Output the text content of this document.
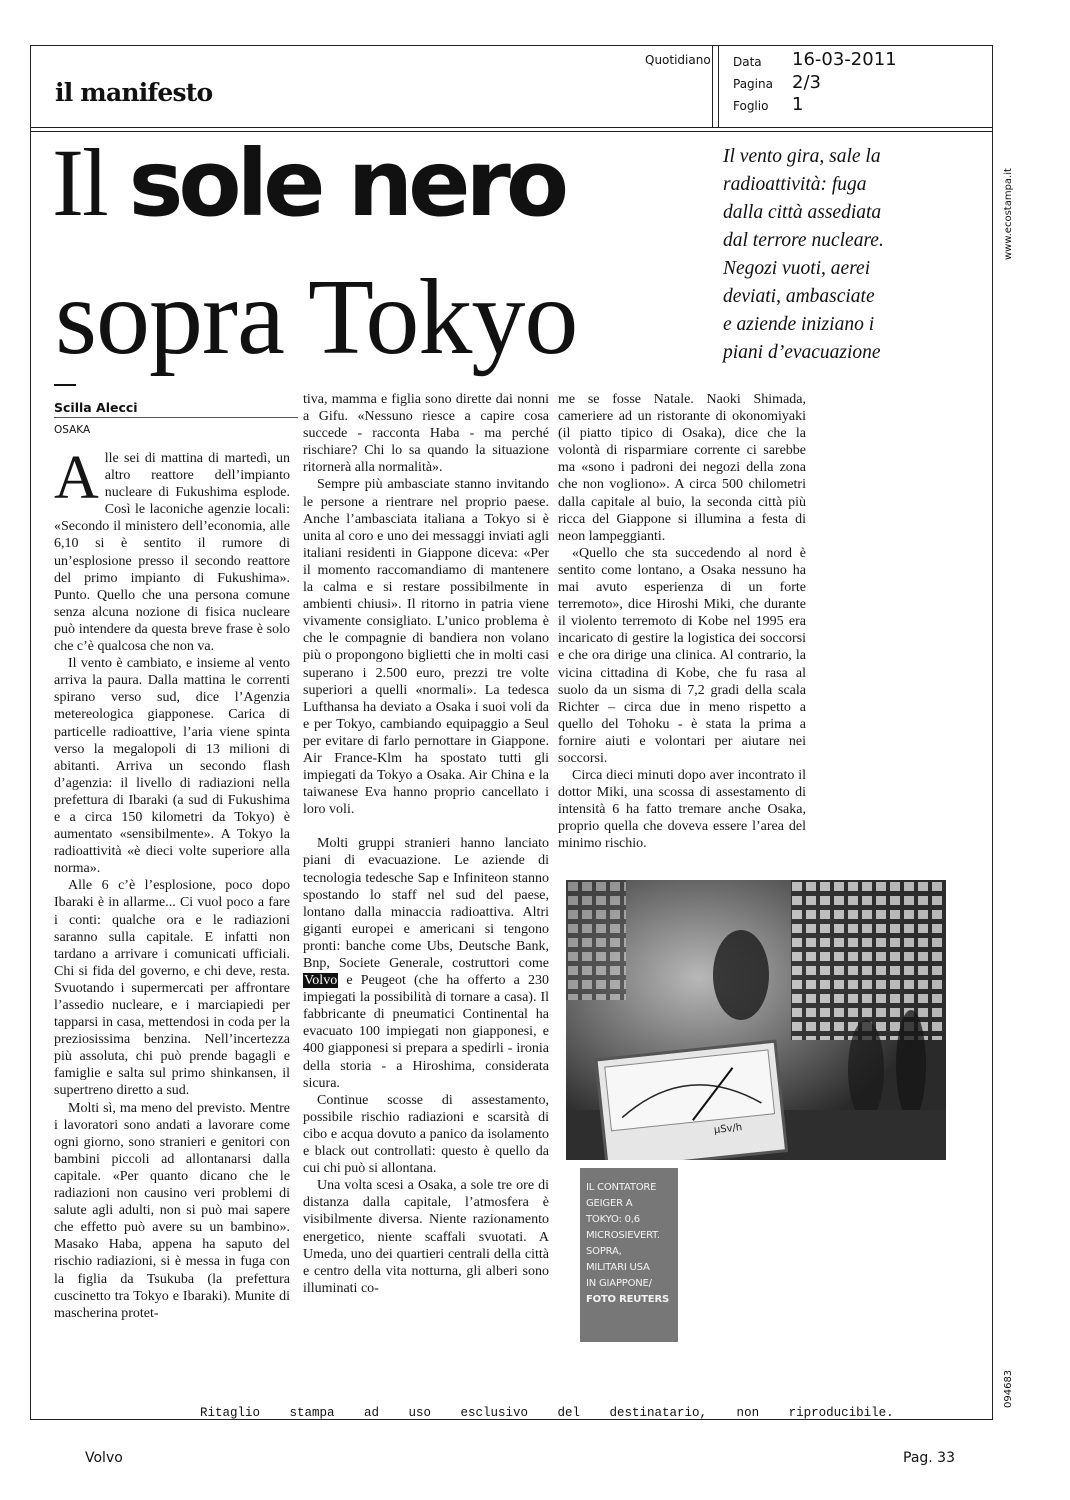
il manifesto
Quotidiano Data 16-03-2011
Pagina 2/3
Foglio 1
www.ecostampa.it
094683
Il sole nero
sopra Tokyo

Il vento gira, sale la

radioattività: fuga

dalla città assediata

dal terrore nucleare.

Negozi vuoti, aerei

deviati, ambasciate

e aziende iniziano i

piani d’evacuazione

Scilla Alecci
OSAKA

Alle sei di mattina di martedì, un altro reattore dell’impianto nucleare di Fukushima esplode. Così le laconiche agenzie locali: «Secondo il ministero dell’economia, alle 6,10 si è sentito il rumore di un’esplosione presso il secondo reattore del primo impianto di Fukushima». Punto. Quello che una persona comune senza alcuna nozione di fisica nucleare può intendere da questa breve frase è solo che c’è qualcosa che non va.

Il vento è cambiato, e insieme al vento arriva la paura. Dalla mattina le correnti spirano verso sud, dice l’Agenzia metereologica giapponese. Carica di particelle radioattive, l’aria viene spinta verso la megalopoli di 13 milioni di abitanti. Arriva un secondo flash d’agenzia: il livello di radiazioni nella prefettura di Ibaraki (a sud di Fukushima e a circa 150 kilometri da Tokyo) è aumentato «sensibilmente». A Tokyo la radioattività «è dieci volte superiore alla norma».

Alle 6 c’è l’esplosione, poco dopo Ibaraki è in allarme... Ci vuol poco a fare i conti: qualche ora e le radiazioni saranno sulla capitale. E infatti non tardano a arrivare i comunicati ufficiali. Chi si fida del governo, e chi deve, resta. Svuotando i supermercati per affrontare l’assedio nucleare, e i marciapiedi per tapparsi in casa, mettendosi in coda per la preziosissima benzina. Nell’incertezza più assoluta, chi può prende bagagli e famiglie e salta sul primo shinkansen, il supertreno diretto a sud.

Molti sì, ma meno del previsto. Mentre i lavoratori sono andati a lavorare come ogni giorno, sono stranieri e genitori con bambini piccoli ad allontanarsi dalla capitale. «Per quanto dicano che le radiazioni non causino veri problemi di salute agli adulti, non si può mai sapere che effetto può avere su un bambino». Masako Haba, appena ha saputo del rischio radiazioni, si è messa in fuga con la figlia da Tsukuba (la prefettura cuscinetto tra Tokyo e Ibaraki). Munite di mascherina protet-

tiva, mamma e figlia sono dirette dai nonni a Gifu. «Nessuno riesce a capire cosa succede - racconta Haba - ma perché rischiare? Chi lo sa quando la situazione ritornerà alla normalità».

Sempre più ambasciate stanno invitando le persone a rientrare nel proprio paese. Anche l’ambasciata italiana a Tokyo si è unita al coro e uno dei messaggi inviati agli italiani residenti in Giappone diceva: «Per il momento raccomandiamo di mantenere la calma e si restare possibilmente in ambienti chiusi». Il ritorno in patria viene vivamente consigliato. L’unico problema è che le compagnie di bandiera non volano più o propongono biglietti che in molti casi superano i 2.500 euro, prezzi tre volte superiori a quelli «normali». La tedesca Lufthansa ha deviato a Osaka i suoi voli da e per Tokyo, cambiando equipaggio a Seul per evitare di farlo pernottare in Giappone. Air France-Klm ha spostato tutti gli impiegati da Tokyo a Osaka. Air China e la taiwanese Eva hanno proprio cancellato i loro voli.

Molti gruppi stranieri hanno lanciato piani di evacuazione. Le aziende di tecnologia tedesche Sap e Infiniteon stanno spostando lo staff nel sud del paese, lontano dalla minaccia radioattiva. Altri giganti europei e americani si tengono pronti: banche come Ubs, Deutsche Bank, Bnp, Societe Generale, costruttori come Volvo e Peugeot (che ha offerto a 230 impiegati la possibilità di tornare a casa). Il fabbricante di pneumatici Continental ha evacuato 100 impiegati non giapponesi, e 400 giapponesi si prepara a spedirli - ironia della storia - a Hiroshima, considerata sicura.

Continue scosse di assestamento, possibile rischio radiazioni e scarsità di cibo e acqua dovuto a panico da isolamento e black out controllati: questo è quello da cui chi può si allontana.

Una volta scesi a Osaka, a sole tre ore di distanza dalla capitale, l’atmosfera è visibilmente diversa. Niente razionamento energetico, niente scaffali svuotati. A Umeda, uno dei quartieri centrali della città e centro della vita notturna, gli alberi sono illuminati co-

me se fosse Natale. Naoki Shimada, cameriere ad un ristorante di okonomiyaki (il piatto tipico di Osaka), dice che la volontà di risparmiare corrente ci sarebbe ma «sono i padroni dei negozi della zona che non vogliono». A circa 500 chilometri dalla capitale al buio, la seconda città più ricca del Giappone si illumina a festa di neon lampeggianti.

«Quello che sta succedendo al nord è sentito come lontano, a Osaka nessuno ha mai avuto esperienza di un forte terremoto», dice Hiroshi Miki, che durante il violento terremoto di Kobe nel 1995 era incaricato di gestire la logistica dei soccorsi e che ora dirige una clinica. Al contrario, la vicina cittadina di Kobe, che fu rasa al suolo da un sisma di 7,2 gradi della scala Richter – circa due in meno rispetto a quello del Tohoku - è stata la prima a fornire aiuti e volontari per aiutare nei soccorsi.

Circa dieci minuti dopo aver incontrato il dottor Miki, una scossa di assestamento di intensità 6 ha fatto tremare anche Osaka, proprio quella che doveva essere l’area del minimo rischio.

μSv/h
IL CONTATORE
GEIGER A
TOKYO: 0,6
MICROSIEVERT.
SOPRA,
MILITARI USA
IN GIAPPONE/
FOTO REUTERS
Ritaglio stampa ad uso esclusivo del destinatario, non riproducibile.
Volvo	Pag. 33
